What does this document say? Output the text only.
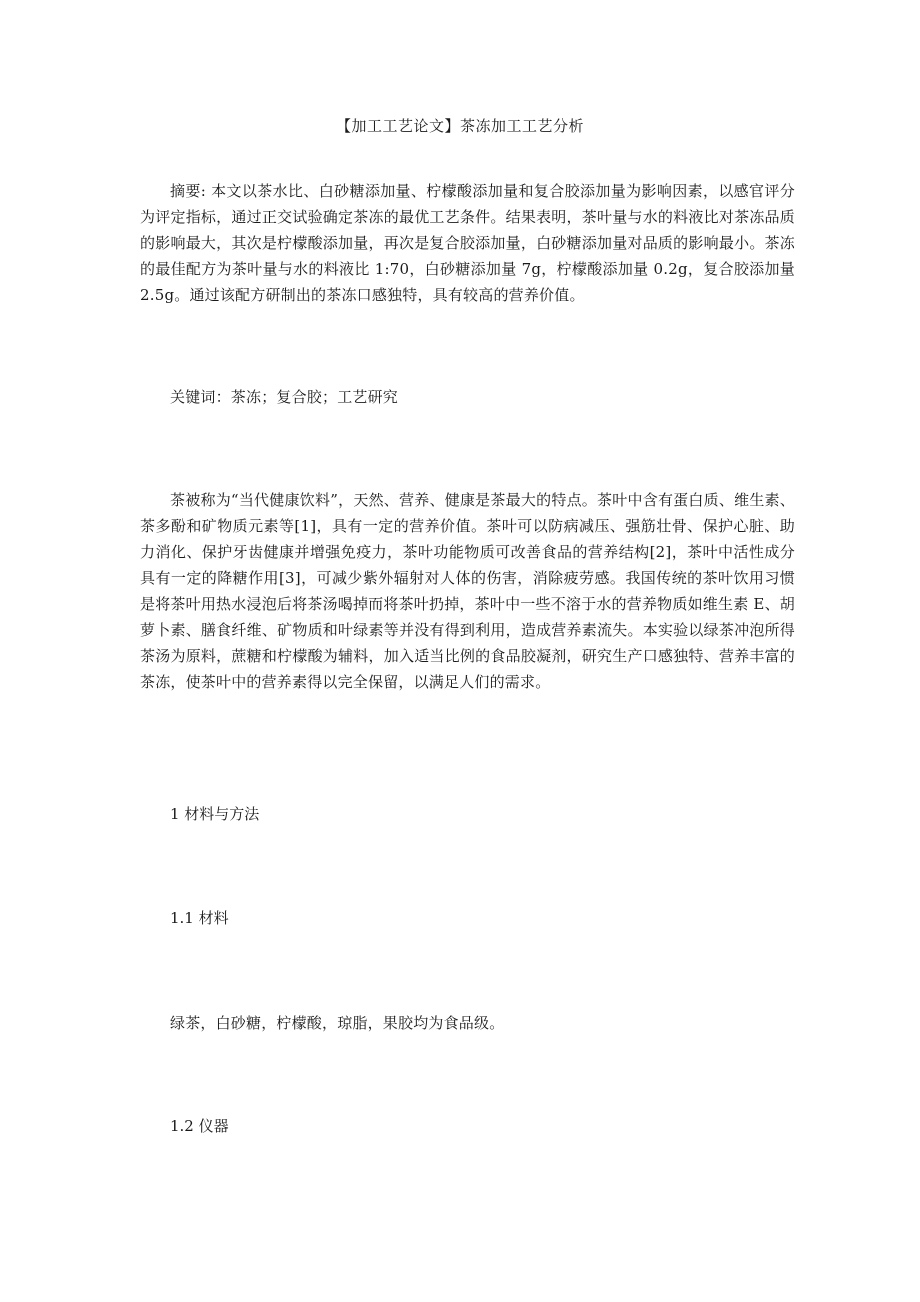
【加工工艺论文】茶冻加工工艺分析

摘要: 本文以茶水比、白砂糖添加量、柠檬酸添加量和复合胶添加量为影响因素，以感官评分为评定指标，通过正交试验确定茶冻的最优工艺条件。结果表明，茶叶量与水的料液比对茶冻品质的影响最大，其次是柠檬酸添加量，再次是复合胶添加量，白砂糖添加量对品质的影响最小。茶冻的最佳配方为茶叶量与水的料液比 1:70，白砂糖添加量 7g，柠檬酸添加量 0.2g，复合胶添加量 2.5g。通过该配方研制出的茶冻口感独特，具有较高的营养价值。

关键词：茶冻；复合胶；工艺研究

茶被称为“当代健康饮料”，天然、营养、健康是茶最大的特点。茶叶中含有蛋白质、维生素、茶多酚和矿物质元素等[1]，具有一定的营养价值。茶叶可以防病减压、强筋壮骨、保护心脏、助力消化、保护牙齿健康并增强免疫力，茶叶功能物质可改善食品的营养结构[2]，茶叶中活性成分具有一定的降糖作用[3]，可减少紫外辐射对人体的伤害，消除疲劳感。我国传统的茶叶饮用习惯是将茶叶用热水浸泡后将茶汤喝掉而将茶叶扔掉，茶叶中一些不溶于水的营养物质如维生素 E、胡萝卜素、膳食纤维、矿物质和叶绿素等并没有得到利用，造成营养素流失。本实验以绿茶冲泡所得茶汤为原料，蔗糖和柠檬酸为辅料，加入适当比例的食品胶凝剂，研究生产口感独特、营养丰富的茶冻，使茶叶中的营养素得以完全保留，以满足人们的需求。

1 材料与方法

1.1 材料

绿茶，白砂糖，柠檬酸，琼脂，果胶均为食品级。

1.2 仪器
